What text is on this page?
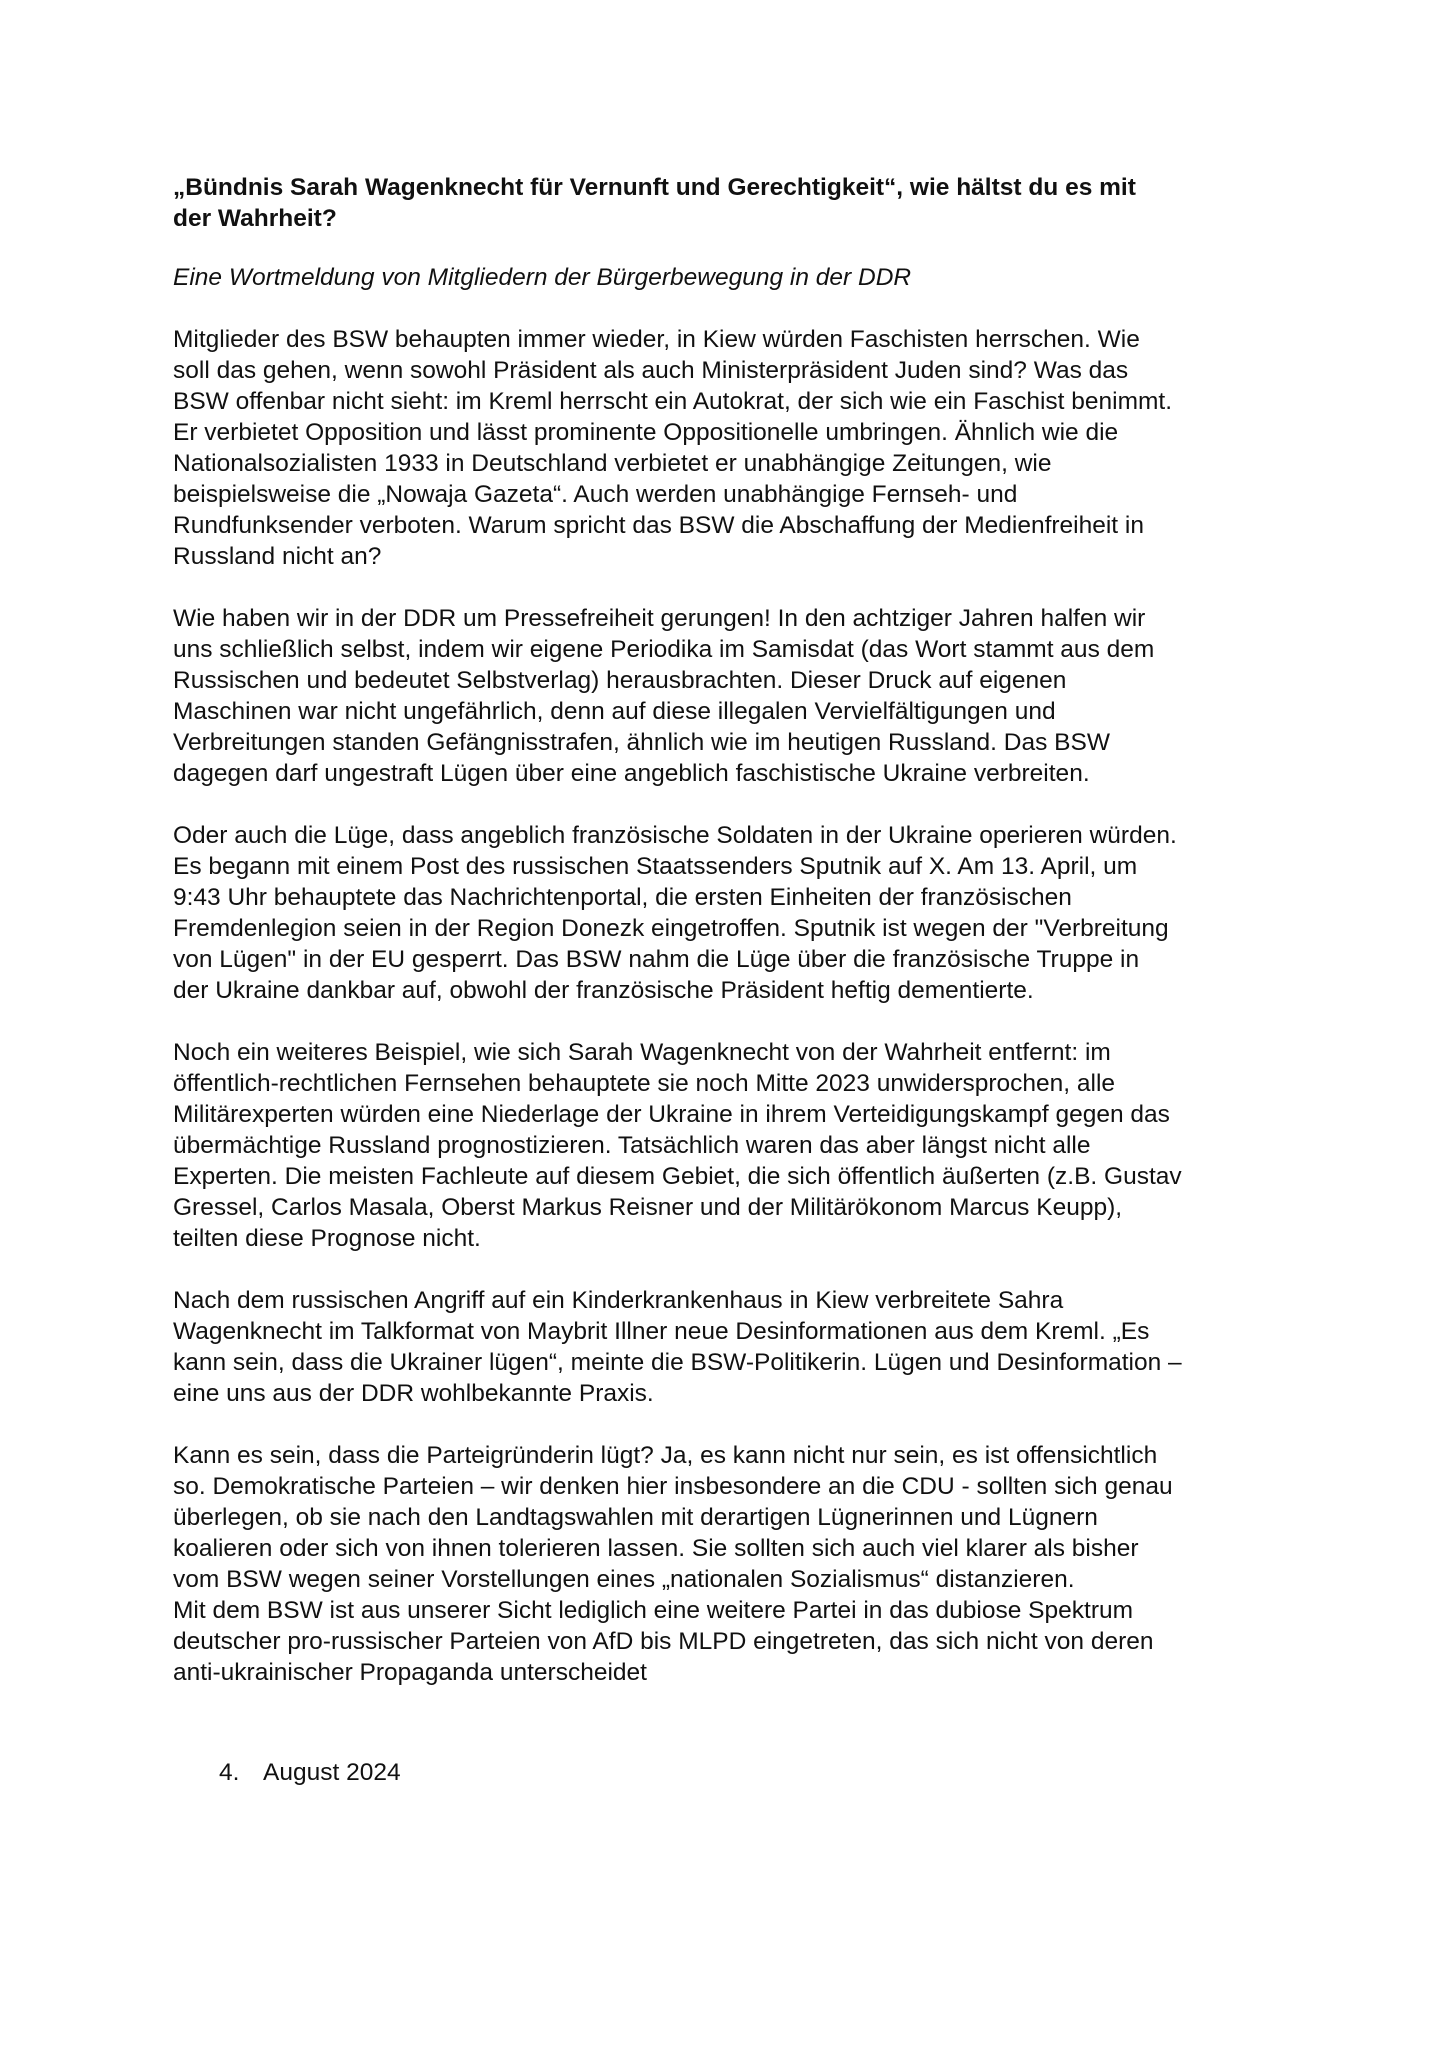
„Bündnis Sarah Wagenknecht für Vernunft und Gerechtigkeit“, wie hältst du es mit
der Wahrheit?

Eine Wortmeldung von Mitgliedern der Bürgerbewegung in der DDR

Mitglieder des BSW behaupten immer wieder, in Kiew würden Faschisten herrschen. Wie
soll das gehen, wenn sowohl Präsident als auch Ministerpräsident Juden sind? Was das
BSW offenbar nicht sieht: im Kreml herrscht ein Autokrat, der sich wie ein Faschist benimmt.
Er verbietet Opposition und lässt prominente Oppositionelle umbringen. Ähnlich wie die
Nationalsozialisten 1933 in Deutschland verbietet er unabhängige Zeitungen, wie
beispielsweise die „Nowaja Gazeta“. Auch werden unabhängige Fernseh- und
Rundfunksender verboten. Warum spricht das BSW die Abschaffung der Medienfreiheit in
Russland nicht an?

Wie haben wir in der DDR um Pressefreiheit gerungen! In den achtziger Jahren halfen wir
uns schließlich selbst, indem wir eigene Periodika im Samisdat (das Wort stammt aus dem
Russischen und bedeutet Selbstverlag) herausbrachten. Dieser Druck auf eigenen
Maschinen war nicht ungefährlich, denn auf diese illegalen Vervielfältigungen und
Verbreitungen standen Gefängnisstrafen, ähnlich wie im heutigen Russland. Das BSW
dagegen darf ungestraft Lügen über eine angeblich faschistische Ukraine verbreiten.

Oder auch die Lüge, dass angeblich französische Soldaten in der Ukraine operieren würden.
Es begann mit einem Post des russischen Staatssenders Sputnik auf X. Am 13. April, um
9:43 Uhr behauptete das Nachrichtenportal, die ersten Einheiten der französischen
Fremdenlegion seien in der Region Donezk eingetroffen. Sputnik ist wegen der "Verbreitung
von Lügen" in der EU gesperrt. Das BSW nahm die Lüge über die französische Truppe in
der Ukraine dankbar auf, obwohl der französische Präsident heftig dementierte.

Noch ein weiteres Beispiel, wie sich Sarah Wagenknecht von der Wahrheit entfernt: im
öffentlich-rechtlichen Fernsehen behauptete sie noch Mitte 2023 unwidersprochen, alle
Militärexperten würden eine Niederlage der Ukraine in ihrem Verteidigungskampf gegen das
übermächtige Russland prognostizieren. Tatsächlich waren das aber längst nicht alle
Experten. Die meisten Fachleute auf diesem Gebiet, die sich öffentlich äußerten (z.B. Gustav
Gressel, Carlos Masala, Oberst Markus Reisner und der Militärökonom Marcus Keupp),
teilten diese Prognose nicht.

Nach dem russischen Angriff auf ein Kinderkrankenhaus in Kiew verbreitete Sahra
Wagenknecht im Talkformat von Maybrit Illner neue Desinformationen aus dem Kreml. „Es
kann sein, dass die Ukrainer lügen“, meinte die BSW-Politikerin. Lügen und Desinformation –
eine uns aus der DDR wohlbekannte Praxis.

Kann es sein, dass die Parteigründerin lügt? Ja, es kann nicht nur sein, es ist offensichtlich
so. Demokratische Parteien – wir denken hier insbesondere an die CDU - sollten sich genau
überlegen, ob sie nach den Landtagswahlen mit derartigen Lügnerinnen und Lügnern
koalieren oder sich von ihnen tolerieren lassen. Sie sollten sich auch viel klarer als bisher
vom BSW wegen seiner Vorstellungen eines „nationalen Sozialismus“ distanzieren.

Mit dem BSW ist aus unserer Sicht lediglich eine weitere Partei in das dubiose Spektrum
deutscher pro-russischer Parteien von AfD bis MLPD eingetreten, das sich nicht von deren
anti-ukrainischer Propaganda unterscheidet

4. August 2024
